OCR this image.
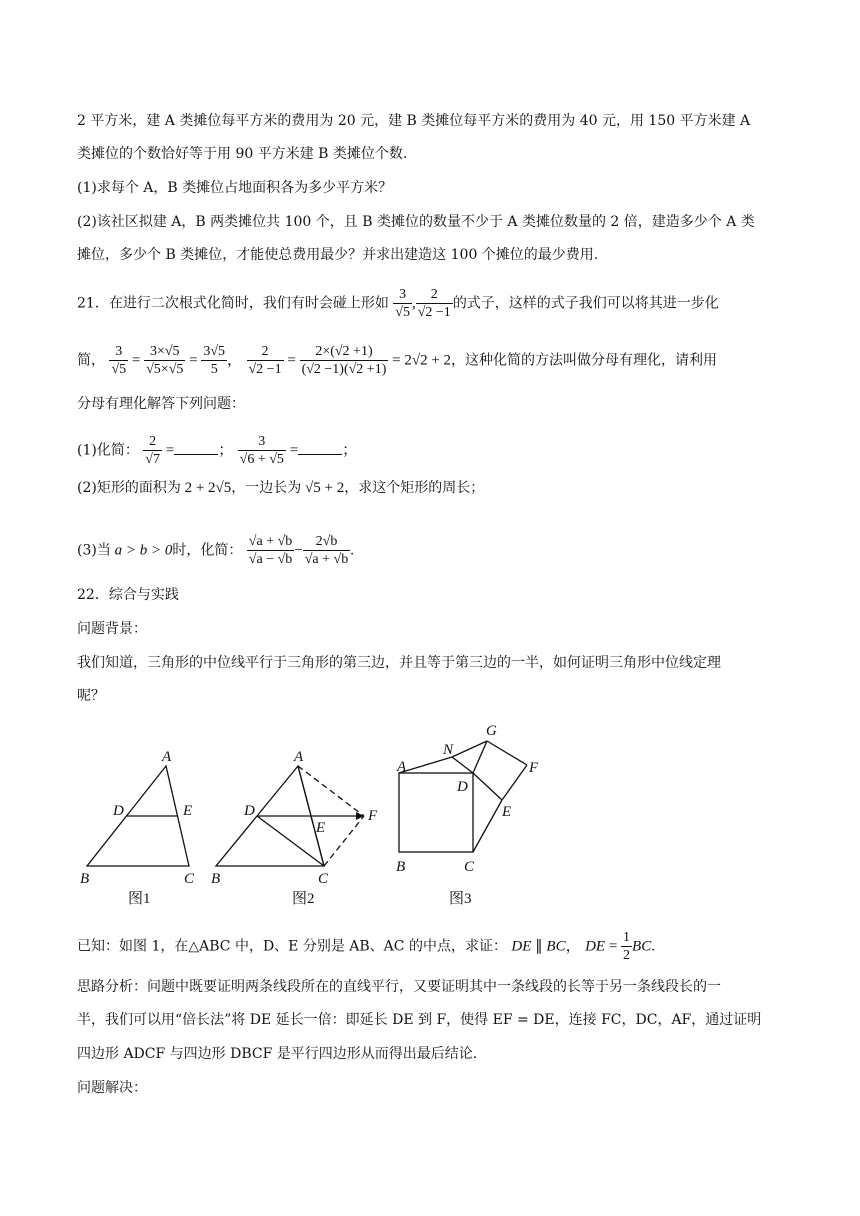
2 平方米，建 A 类摊位每平方米的费用为 20 元，建 B 类摊位每平方米的费用为 40 元，用 150 平方米建 A
类摊位的个数恰好等于用 90 平方米建 B 类摊位个数.
(1)求每个 A，B 类摊位占地面积各为多少平方米？
(2)该社区拟建 A，B 两类摊位共 100 个，且 B 类摊位的数量不少于 A 类摊位数量的 2 倍，建造多少个 A 类
摊位，多少个 B 类摊位，才能使总费用最少？并求出建造这 100 个摊位的最少费用.
21．在进行二次根式化简时，我们有时会碰上形如 $\frac{3}{√5}$ , $\frac{2}{√2 -1}$ 的式子，这样的式子我们可以将其进一步化
简， $\frac{3}{√5} = \frac{3\times√5}{√5\times√5} = \frac{3√5}{5}$ ， $\frac{2}{√2 -1} = \frac{2\times(√2 +1)}{(√2 -1)(√2 +1)} = 2√2 + 2$，这种化简的方法叫做分母有理化，请利用
分母有理化解答下列问题：
(1)化简： $\frac{2}{√7}$ =	； $\frac{3}{√6 + √5}$ =	；
(2)矩形的面积为 2 + 2√5，一边长为 √5 + 2，求这个矩形的周长；
(3)当 a > b > 0时，化简： $\frac{√a + √b}{√a - √b} - \frac{2√b}{√a + √b}$ .
22．综合与实践
问题背景：
我们知道，三角形的中位线平行于三角形的第三边，并且等于第三边的一半，如何证明三角形中位线定理
呢？
A
D	E
B	C
图1
A
D
E
F
B	C
图2
A
N
G
F
D
E
B	C
图3
已知：如图 1，在△ABC 中，D、E 分别是 AB、AC 的中点，求证： DE ∥ BC， DE = $\frac{1}{2}$ BC.
思路分析：问题中既要证明两条线段所在的直线平行，又要证明其中一条线段的长等于另一条线段长的一
半，我们可以用“倍长法”将 DE 延长一倍：即延长 DE 到 F，使得 EF = DE，连接 FC，DC，AF，通过证明
四边形 ADCF 与四边形 DBCF 是平行四边形从而得出最后结论.
问题解决：
